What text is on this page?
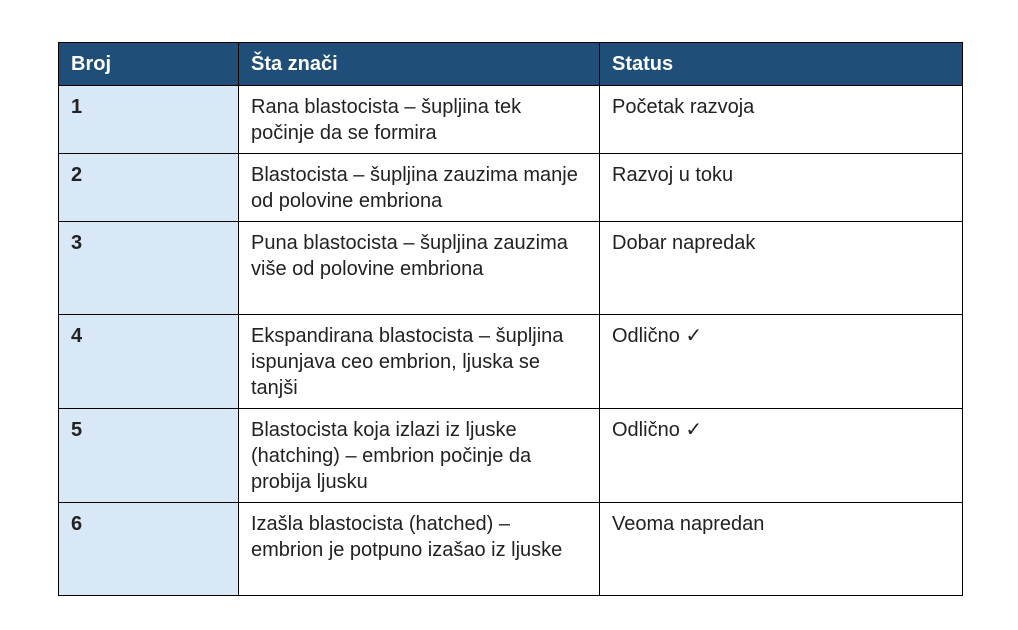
Broj	Šta znači	Status
1	Rana blastocista – šupljina tek počinje da se formira	Početak razvoja
2	Blastocista – šupljina zauzima manje od polovine embriona	Razvoj u toku
3	Puna blastocista – šupljina zauzima više od polovine embriona	Dobar napredak
4	Ekspandirana blastocista – šupljina ispunjava ceo embrion, ljuska se tanjši	Odlično ✓
5	Blastocista koja izlazi iz ljuske (hatching) – embrion počinje da probija ljusku	Odlično ✓
6	Izašla blastocista (hatched) – embrion je potpuno izašao iz ljuske	Veoma napredan
